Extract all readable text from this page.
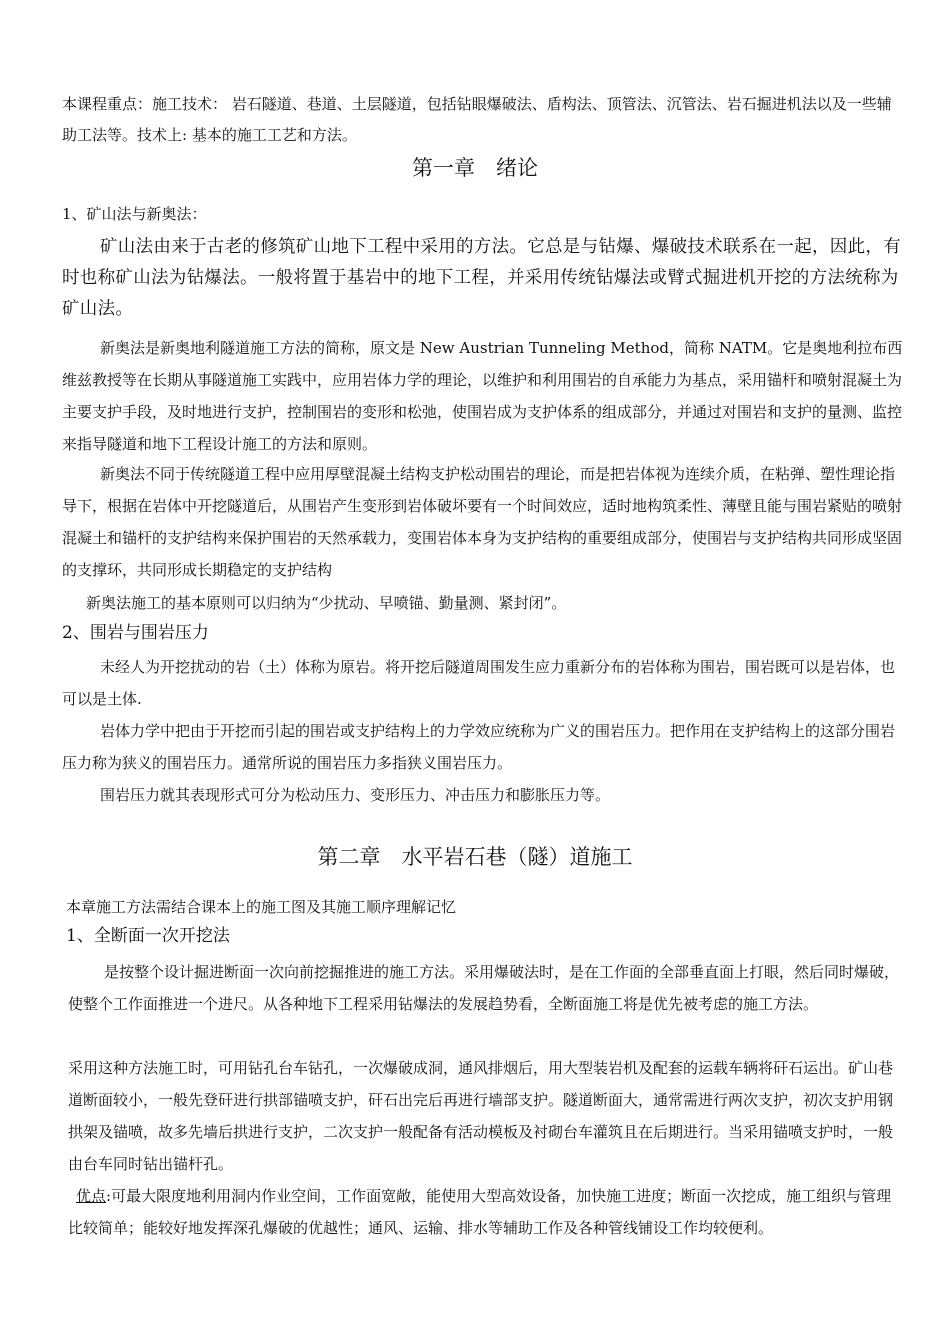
本课程重点：施工技术： 岩石隧道、巷道、土层隧道，包括钻眼爆破法、盾构法、顶管法、沉管法、岩石掘进机法以及一些辅助工法等。技术上: 基本的施工工艺和方法。

第一章　绪论

1、矿山法与新奥法：

矿山法由来于古老的修筑矿山地下工程中采用的方法。它总是与钻爆、爆破技术联系在一起，因此，有时也称矿山法为钻爆法。一般将置于基岩中的地下工程，并采用传统钻爆法或臂式掘进机开挖的方法统称为矿山法。

新奥法是新奥地利隧道施工方法的简称，原文是 New Austrian Tunneling Method，简称 NATM。它是奥地利拉布西维兹教授等在长期从事隧道施工实践中，应用岩体力学的理论，以维护和利用围岩的自承能力为基点，采用锚杆和喷射混凝土为主要支护手段，及时地进行支护，控制围岩的变形和松弛，使围岩成为支护体系的组成部分，并通过对围岩和支护的量测、监控来指导隧道和地下工程设计施工的方法和原则。

新奥法不同于传统隧道工程中应用厚壁混凝土结构支护松动围岩的理论，而是把岩体视为连续介质，在粘弹、塑性理论指导下，根据在岩体中开挖隧道后，从围岩产生变形到岩体破坏要有一个时间效应，适时地构筑柔性、薄壁且能与围岩紧贴的喷射混凝土和锚杆的支护结构来保护围岩的天然承载力，变围岩体本身为支护结构的重要组成部分，使围岩与支护结构共同形成坚固的支撑环，共同形成长期稳定的支护结构

新奥法施工的基本原则可以归纳为“少扰动、早喷锚、勤量测、紧封闭”。

2、围岩与围岩压力

未经人为开挖扰动的岩（土）体称为原岩。将开挖后隧道周围发生应力重新分布的岩体称为围岩，围岩既可以是岩体，也可以是土体.

岩体力学中把由于开挖而引起的围岩或支护结构上的力学效应统称为广义的围岩压力。把作用在支护结构上的这部分围岩压力称为狭义的围岩压力。通常所说的围岩压力多指狭义围岩压力。

围岩压力就其表现形式可分为松动压力、变形压力、冲击压力和膨胀压力等。

第二章　水平岩石巷（隧）道施工

本章施工方法需结合课本上的施工图及其施工顺序理解记忆

1、全断面一次开挖法

是按整个设计掘进断面一次向前挖掘推进的施工方法。采用爆破法时，是在工作面的全部垂直面上打眼，然后同时爆破，使整个工作面推进一个进尺。从各种地下工程采用钻爆法的发展趋势看，全断面施工将是优先被考虑的施工方法。

采用这种方法施工时，可用钻孔台车钻孔，一次爆破成洞，通风排烟后，用大型装岩机及配套的运载车辆将矸石运出。矿山巷道断面较小，一般先登矸进行拱部锚喷支护，矸石出完后再进行墙部支护。隧道断面大，通常需进行两次支护，初次支护用钢拱架及锚喷，故多先墙后拱进行支护，二次支护一般配备有活动模板及衬砌台车灌筑且在后期进行。当采用锚喷支护时，一般由台车同时钻出锚杆孔。

优点:可最大限度地利用洞内作业空间，工作面宽敞，能使用大型高效设备，加快施工进度；断面一次挖成，施工组织与管理比较简单；能较好地发挥深孔爆破的优越性；通风、运输、排水等辅助工作及各种管线铺设工作均较便利。
